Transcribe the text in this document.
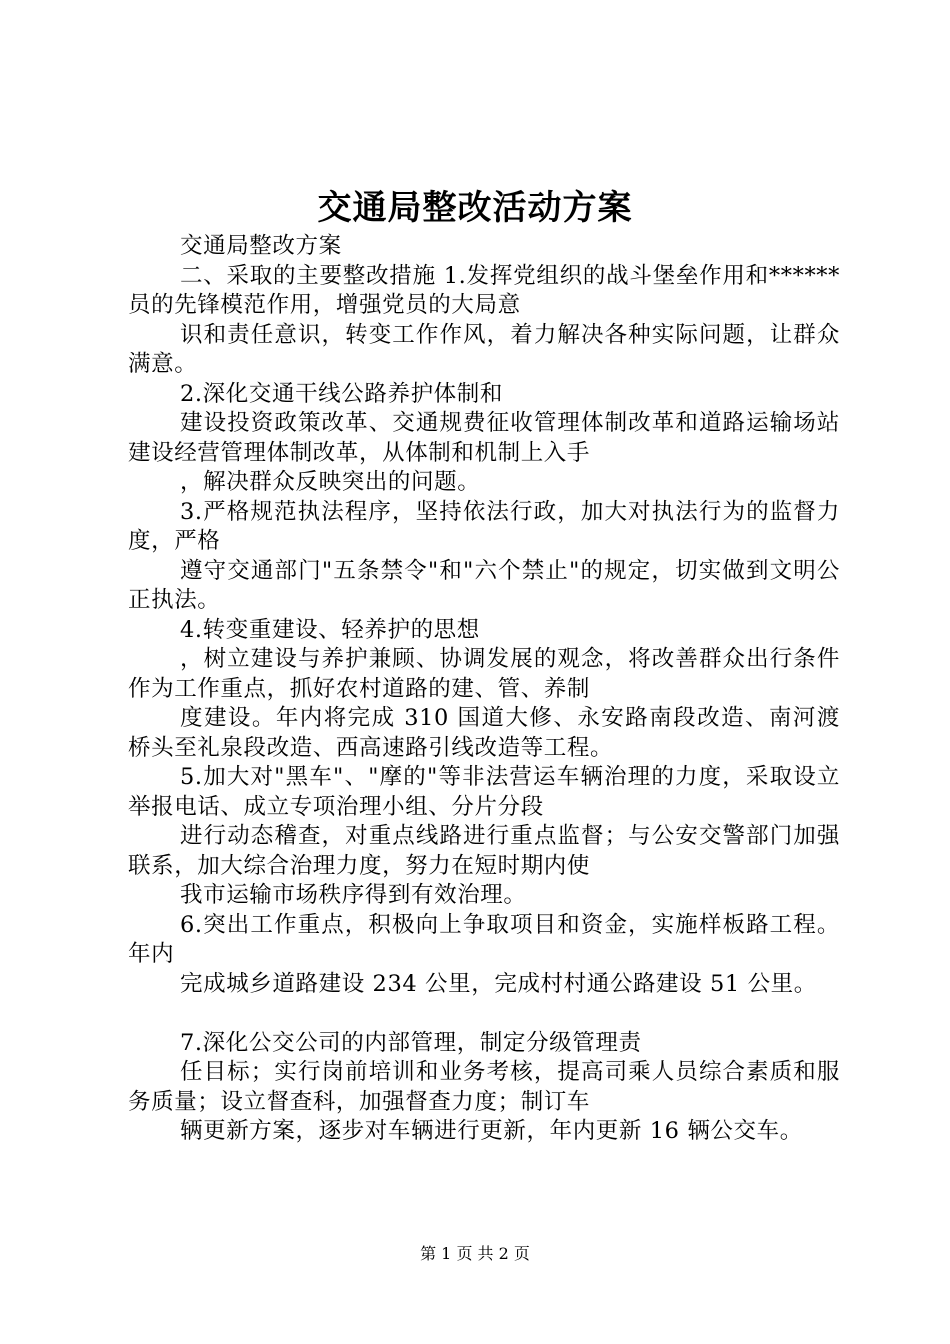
交通局整改活动方案

交通局整改方案

二、采取的主要整改措施 1.发挥党组织的战斗堡垒作用和******员的先锋模范作用，增强党员的大局意

识和责任意识，转变工作作风，着力解决各种实际问题，让群众满意。

2.深化交通干线公路养护体制和

建设投资政策改革、交通规费征收管理体制改革和道路运输场站建设经营管理体制改革，从体制和机制上入手

，解决群众反映突出的问题。

3.严格规范执法程序，坚持依法行政，加大对执法行为的监督力度，严格

遵守交通部门"五条禁令"和"六个禁止"的规定，切实做到文明公正执法。

4.转变重建设、轻养护的思想

，树立建设与养护兼顾、协调发展的观念，将改善群众出行条件作为工作重点，抓好农村道路的建、管、养制

度建设。年内将完成 310 国道大修、永安路南段改造、南河渡桥头至礼泉段改造、西高速路引线改造等工程。

5.加大对"黑车"、"摩的"等非法营运车辆治理的力度，采取设立举报电话、成立专项治理小组、分片分段

进行动态稽查，对重点线路进行重点监督；与公安交警部门加强联系，加大综合治理力度，努力在短时期内使

我市运输市场秩序得到有效治理。

6.突出工作重点，积极向上争取项目和资金，实施样板路工程。年内

完成城乡道路建设 234 公里，完成村村通公路建设 51 公里。

7.深化公交公司的内部管理，制定分级管理责

任目标；实行岗前培训和业务考核，提高司乘人员综合素质和服务质量；设立督查科，加强督查力度；制订车

辆更新方案，逐步对车辆进行更新，年内更新 16 辆公交车。

第 1 页 共 2 页
